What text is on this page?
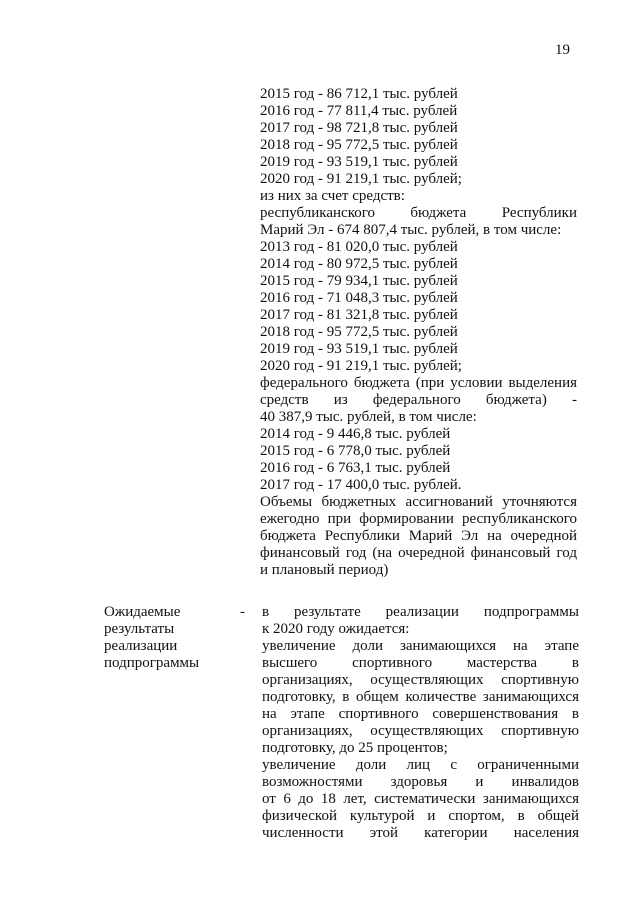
19
2015 год - 86 712,1 тыс. рублей
2016 год - 77 811,4 тыс. рублей
2017 год - 98 721,8 тыс. рублей
2018 год - 95 772,5 тыс. рублей
2019 год - 93 519,1 тыс. рублей
2020 год - 91 219,1 тыс. рублей;
из них за счет средств:
республиканского бюджета Республики
Марий Эл - 674 807,4 тыс. рублей, в том числе:
2013 год - 81 020,0 тыс. рублей
2014 год - 80 972,5 тыс. рублей
2015 год - 79 934,1 тыс. рублей
2016 год - 71 048,3 тыс. рублей
2017 год - 81 321,8 тыс. рублей
2018 год - 95 772,5 тыс. рублей
2019 год - 93 519,1 тыс. рублей
2020 год - 91 219,1 тыс. рублей;
федерального бюджета (при условии выделения
средств из федерального бюджета) -
40 387,9 тыс. рублей, в том числе:
2014 год - 9 446,8 тыс. рублей
2015 год - 6 778,0 тыс. рублей
2016 год - 6 763,1 тыс. рублей
2017 год - 17 400,0 тыс. рублей.
Объемы бюджетных ассигнований уточняются
ежегодно при формировании республиканского
бюджета Республики Марий Эл на очередной
финансовый год (на очередной финансовый год
и плановый период)
Ожидаемые
результаты
реализации
подпрограммы
- в результате реализации подпрограммы
к 2020 году ожидается:
увеличение доли занимающихся на этапе
высшего спортивного мастерства в
организациях, осуществляющих спортивную
подготовку, в общем количестве занимающихся
на этапе спортивного совершенствования в
организациях, осуществляющих спортивную
подготовку, до 25 процентов;
увеличение доли лиц с ограниченными
возможностями здоровья и инвалидов
от 6 до 18 лет, систематически занимающихся
физической культурой и спортом, в общей
численности этой категории населения
